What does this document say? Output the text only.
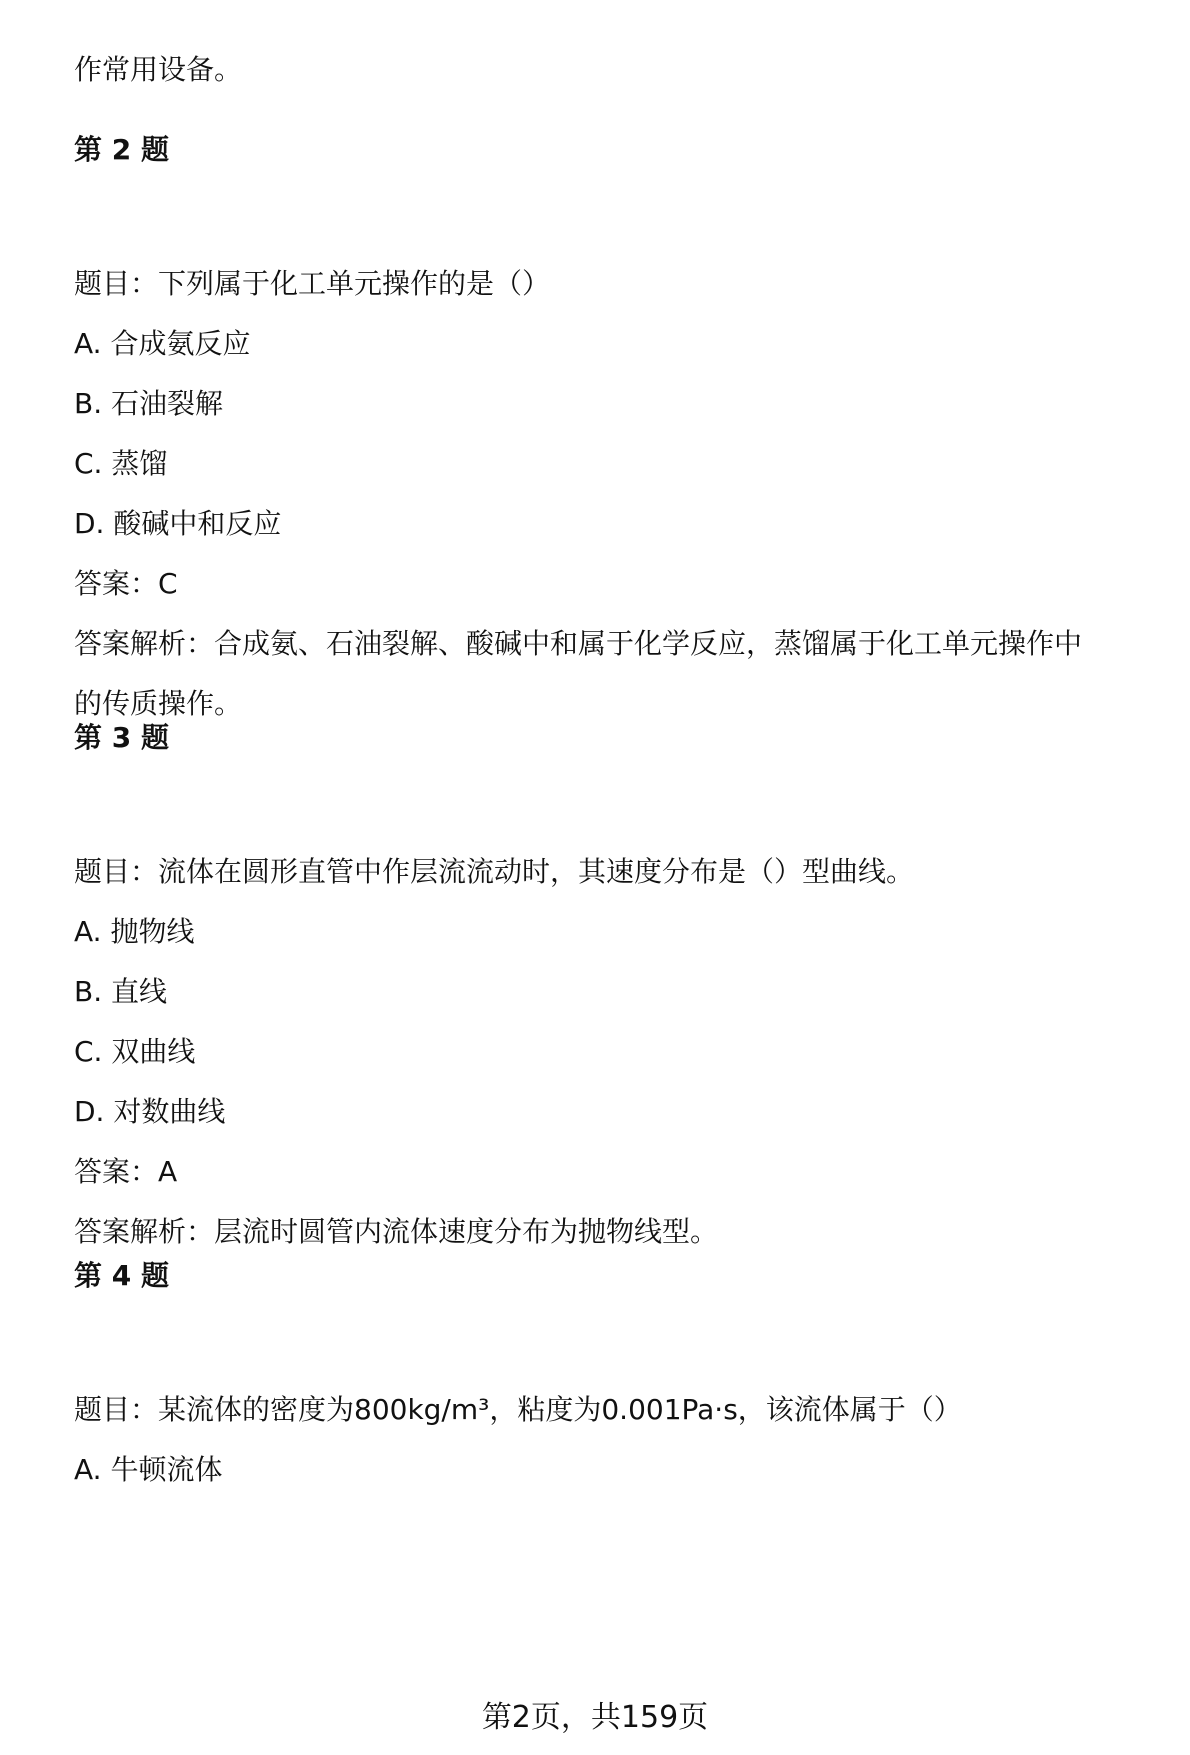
作常用设备。
第 2 题
题目：下列属于化工单元操作的是（）
A. 合成氨反应
B. 石油裂解
C. 蒸馏
D. 酸碱中和反应
答案：C
答案解析：合成氨、石油裂解、酸碱中和属于化学反应，蒸馏属于化工单元操作中
的传质操作。
第 3 题
题目：流体在圆形直管中作层流流动时，其速度分布是（）型曲线。
A. 抛物线
B. 直线
C. 双曲线
D. 对数曲线
答案：A
答案解析：层流时圆管内流体速度分布为抛物线型。
第 4 题
题目：某流体的密度为800kg/m³，粘度为0.001Pa·s，该流体属于（）
A. 牛顿流体
第2页，共159页
